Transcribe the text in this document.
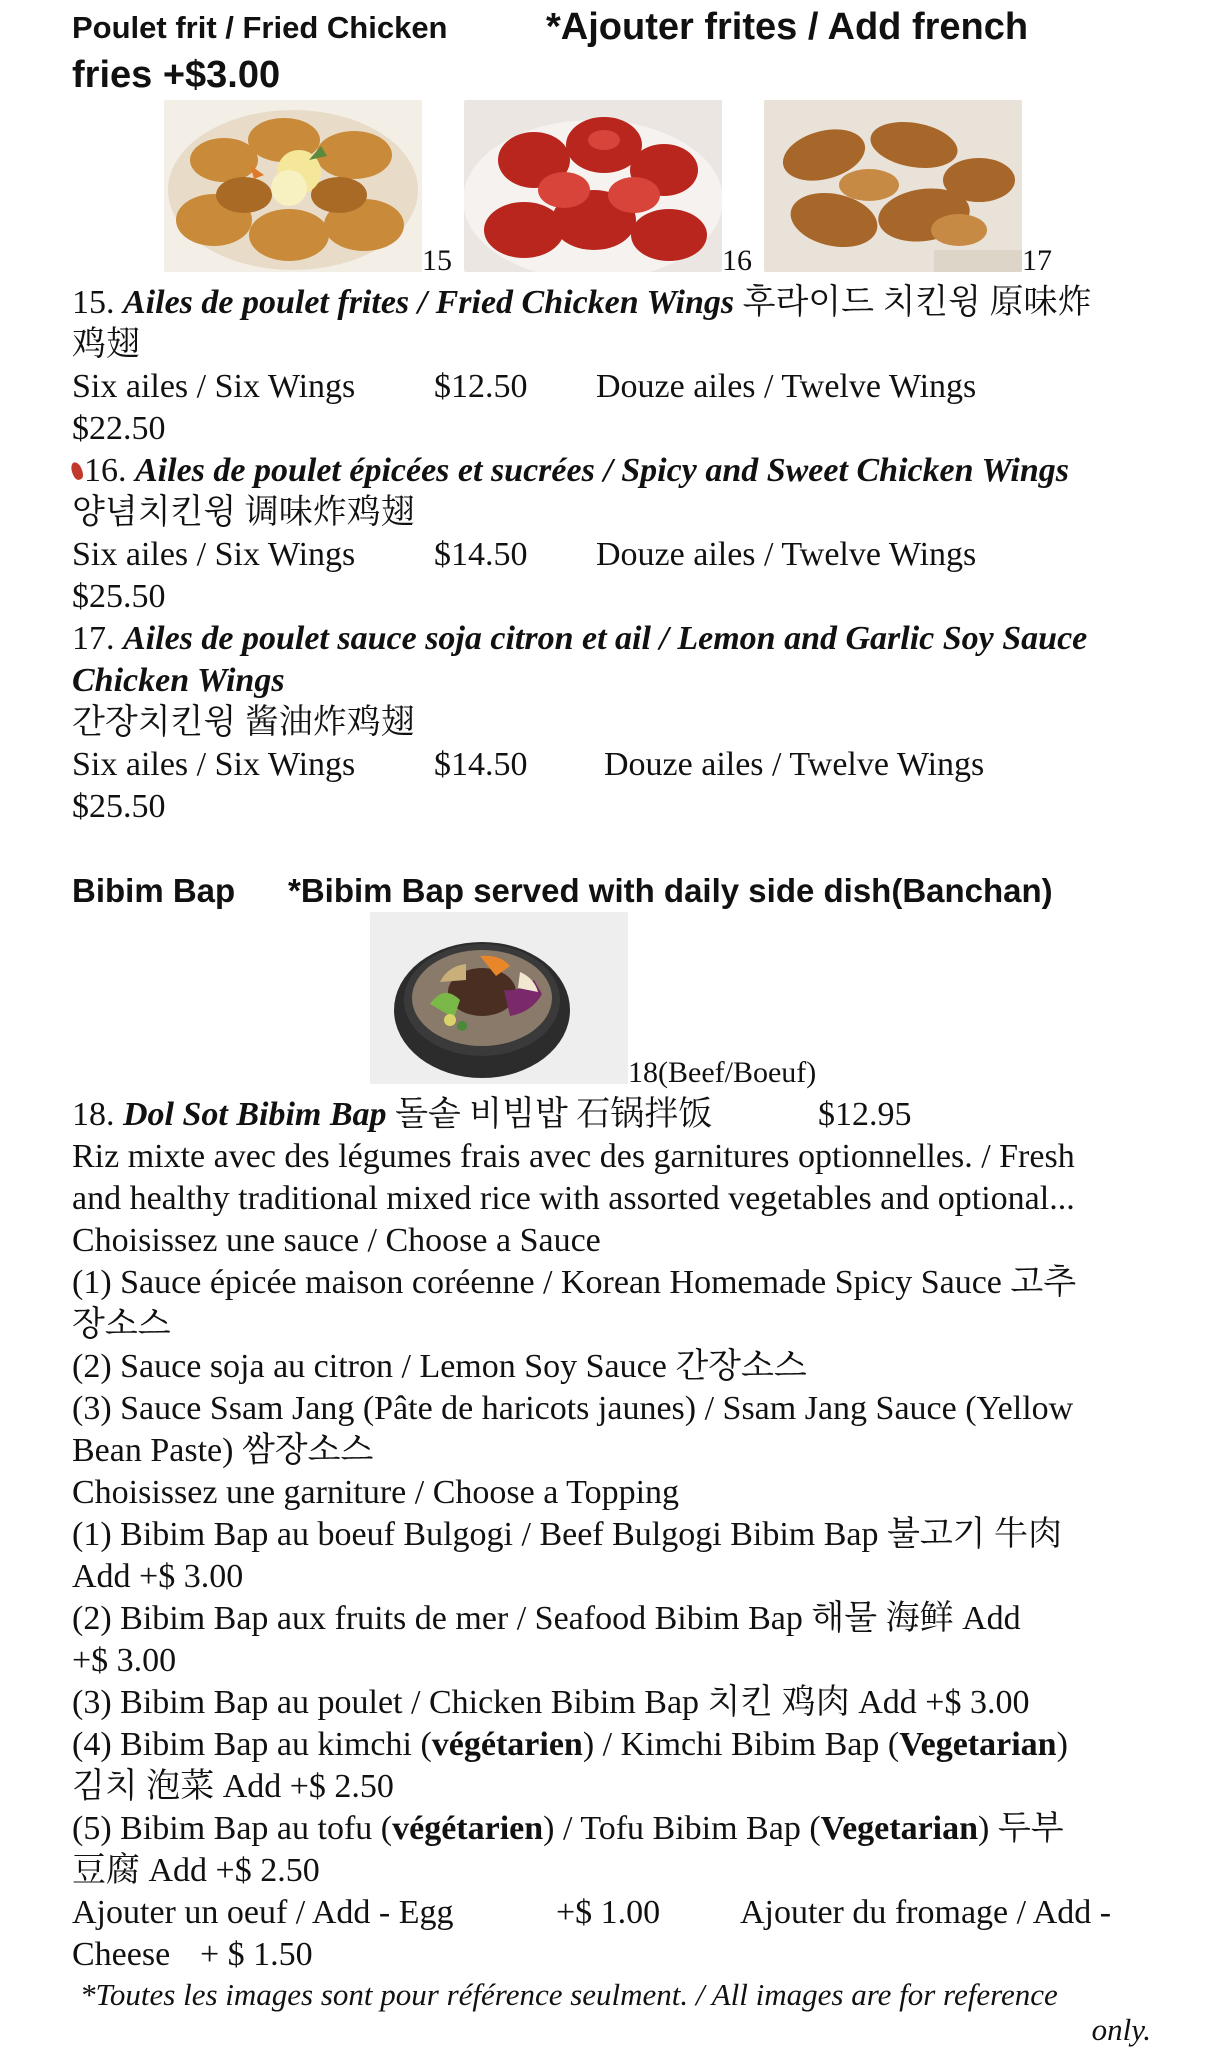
Poulet frit / Fried Chicken	*Ajouter frites / Add french
fries +$3.00
15	16	17
15. Ailes de poulet frites / Fried Chicken Wings 후라이드 치킨윙 原味炸
鸡翅
Six ailes / Six Wings $12.50 Douze ailes / Twelve Wings
$22.50
16. Ailes de poulet épicées et sucrées / Spicy and Sweet Chicken Wings
양념치킨윙 调味炸鸡翅
Six ailes / Six Wings $14.50 Douze ailes / Twelve Wings
$25.50
17. Ailes de poulet sauce soja citron et ail / Lemon and Garlic Soy Sauce
Chicken Wings
간장치킨윙 酱油炸鸡翅
Six ailes / Six Wings $14.50 Douze ailes / Twelve Wings
$25.50
Bibim Bap *Bibim Bap served with daily side dish(Banchan)
18(Beef/Boeuf)
18. Dol Sot Bibim Bap 돌솥 비빔밥 石锅拌饭	$12.95
Riz mixte avec des légumes frais avec des garnitures optionnelles. / Fresh
and healthy traditional mixed rice with assorted vegetables and optional...
Choisissez une sauce / Choose a Sauce
(1) Sauce épicée maison coréenne / Korean Homemade Spicy Sauce 고추
장소스
(2) Sauce soja au citron / Lemon Soy Sauce 간장소스
(3) Sauce Ssam Jang (Pâte de haricots jaunes) / Ssam Jang Sauce (Yellow
Bean Paste) 쌈장소스
Choisissez une garniture / Choose a Topping
(1) Bibim Bap au boeuf Bulgogi / Beef Bulgogi Bibim Bap 불고기 牛肉
Add +$ 3.00
(2) Bibim Bap aux fruits de mer / Seafood Bibim Bap 해물 海鲜 Add
+$ 3.00
(3) Bibim Bap au poulet / Chicken Bibim Bap 치킨 鸡肉 Add +$ 3.00
(4) Bibim Bap au kimchi (végétarien) / Kimchi Bibim Bap (Vegetarian)
김치 泡菜 Add +$ 2.50
(5) Bibim Bap au tofu (végétarien) / Tofu Bibim Bap (Vegetarian) 두부
豆腐 Add +$ 2.50
Ajouter un oeuf / Add - Egg	+$ 1.00 Ajouter du fromage / Add -
Cheese + $ 1.50
*Toutes les images sont pour référence seulment. / All images are for reference
only.
